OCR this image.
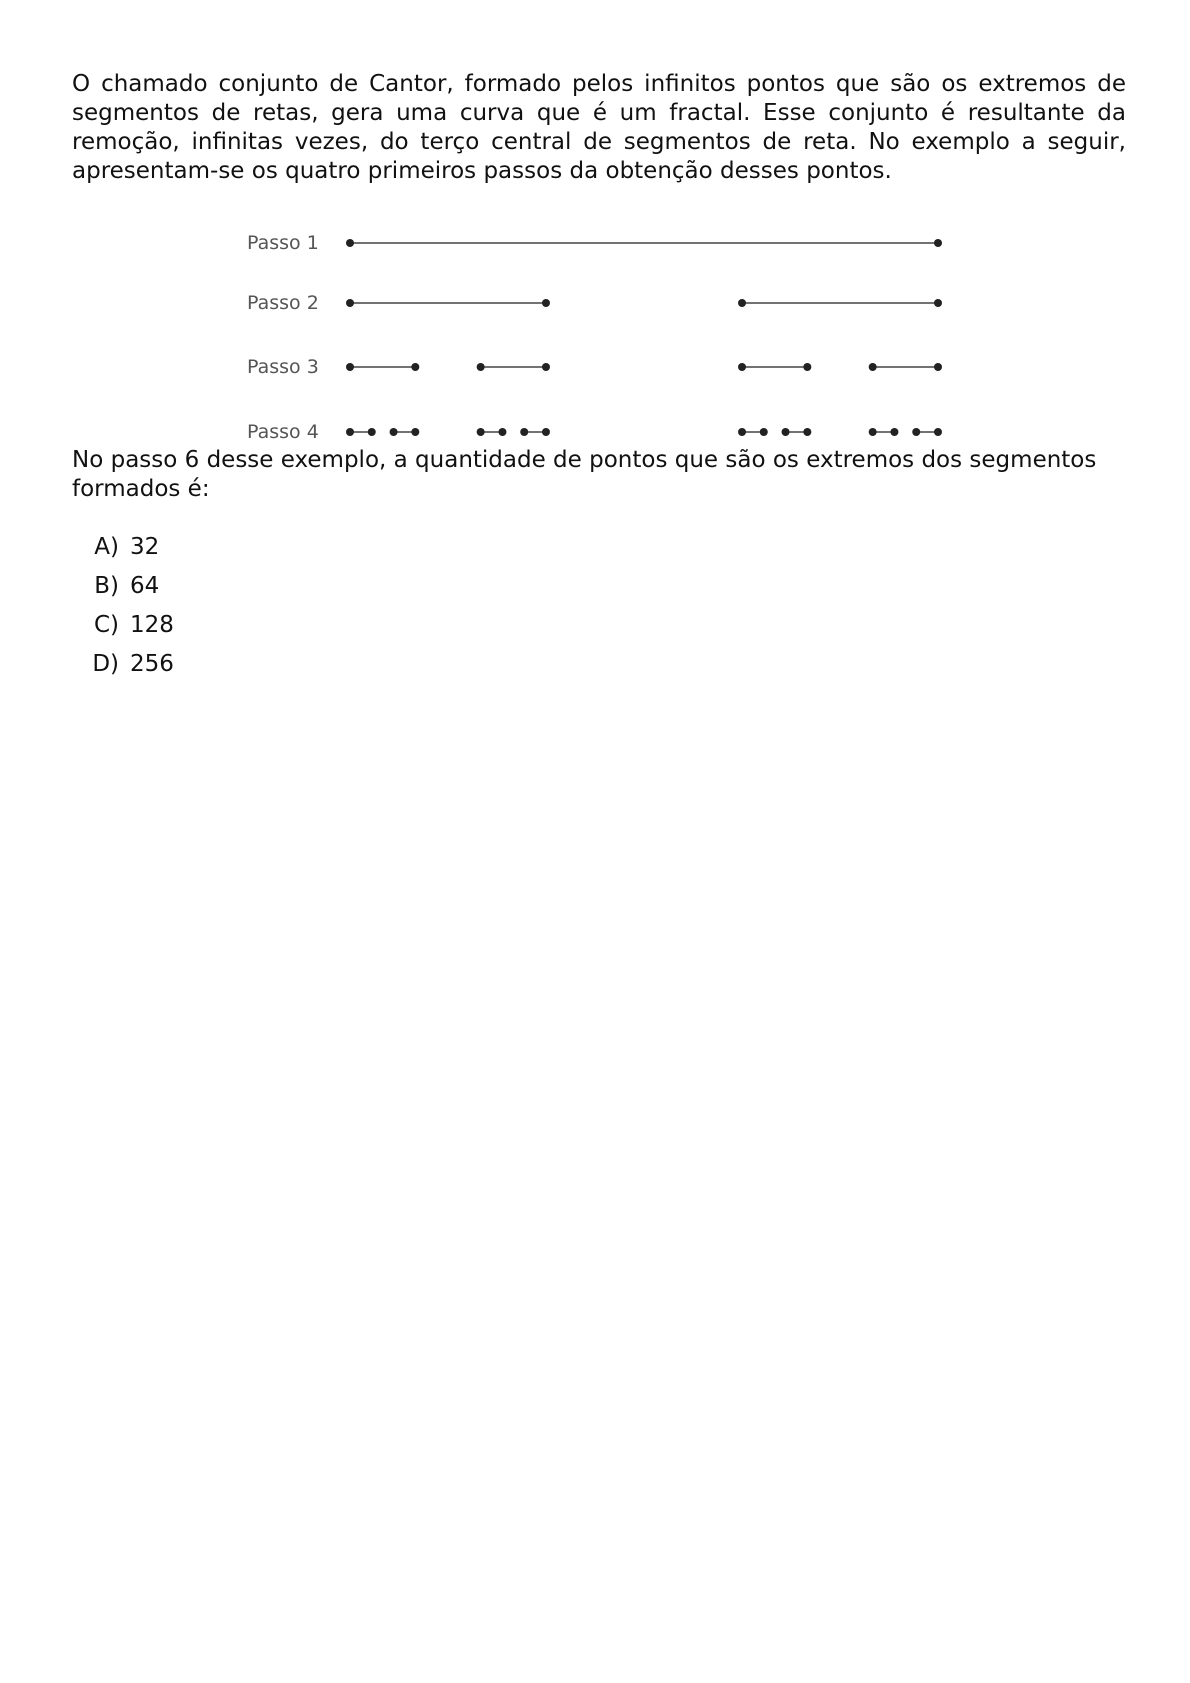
O chamado conjunto de Cantor, formado pelos infinitos pontos que são os extremos de segmentos de retas, gera uma curva que é um fractal. Esse conjunto é resultante da remoção, infinitas vezes, do terço central de segmentos de reta. No exemplo a seguir, apresentam-se os quatro primeiros passos da obtenção desses pontos.

Passo 1
Passo 2
Passo 3
Passo 4

No passo 6 desse exemplo, a quantidade de pontos que são os extremos dos segmentos formados é:

A) 32
B) 64
C) 128
D) 256
